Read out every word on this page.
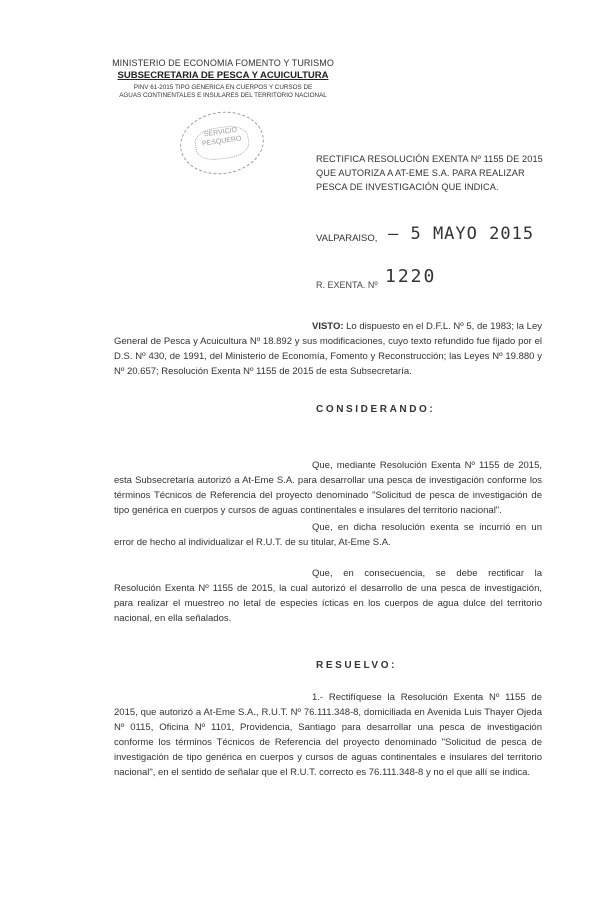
MINISTERIO DE ECONOMIA FOMENTO Y TURISMO
SUBSECRETARIA DE PESCA Y ACUICULTURA
PINV 61-2015 TIPO GENERICA EN CUERPOS Y CURSOS DE
AGUAS CONTINENTALES E INSULARES DEL TERRITORIO NACIONAL
SERVICIO
PESQUERO
RECTIFICA RESOLUCIÓN EXENTA Nº 1155 DE 2015 QUE AUTORIZA A AT-EME S.A. PARA REALIZAR PESCA DE INVESTIGACIÓN QUE INDICA.
VALPARAISO, – 5 MAYO 2015
R. EXENTA. Nº 1220
VISTO: Lo dispuesto en el D.F.L. Nº 5, de 1983; la Ley General de Pesca y Acuicultura Nº 18.892 y sus modificaciones, cuyo texto refundido fue fijado por el D.S. Nº 430, de 1991, del Ministerio de Economía, Fomento y Reconstrucción; las Leyes Nº 19.880 y Nº 20.657; Resolución Exenta Nº 1155 de 2015 de esta Subsecretaría.
CONSIDERANDO:
Que, mediante Resolución Exenta Nº 1155 de 2015, esta Subsecretaría autorizó a At-Eme S.A. para desarrollar una pesca de investigación conforme los términos Técnicos de Referencia del proyecto denominado "Solicitud de pesca de investigación de tipo genérica en cuerpos y cursos de aguas continentales e insulares del territorio nacional".
Que, en dicha resolución exenta se incurrió en un error de hecho al individualizar el R.U.T. de su titular, At-Eme S.A.
Que, en consecuencia, se debe rectificar la Resolución Exenta Nº 1155 de 2015, la cual autorizó el desarrollo de una pesca de investigación, para realizar el muestreo no letal de especies ícticas en los cuerpos de agua dulce del territorio nacional, en ella señalados.
RESUELVO:
1.- Rectifíquese la Resolución Exenta Nº 1155 de 2015, que autorizó a At-Eme S.A., R.U.T. Nº 76.111.348-8, domiciliada en Avenida Luis Thayer Ojeda Nº 0115, Oficina Nº 1101, Providencia, Santiago para desarrollar una pesca de investigación conforme los términos Técnicos de Referencia del proyecto denominado "Solicitud de pesca de investigación de tipo genérica en cuerpos y cursos de aguas continentales e insulares del territorio nacional", en el sentido de señalar que el R.U.T. correcto es 76.111.348-8 y no el que allí se indica.
